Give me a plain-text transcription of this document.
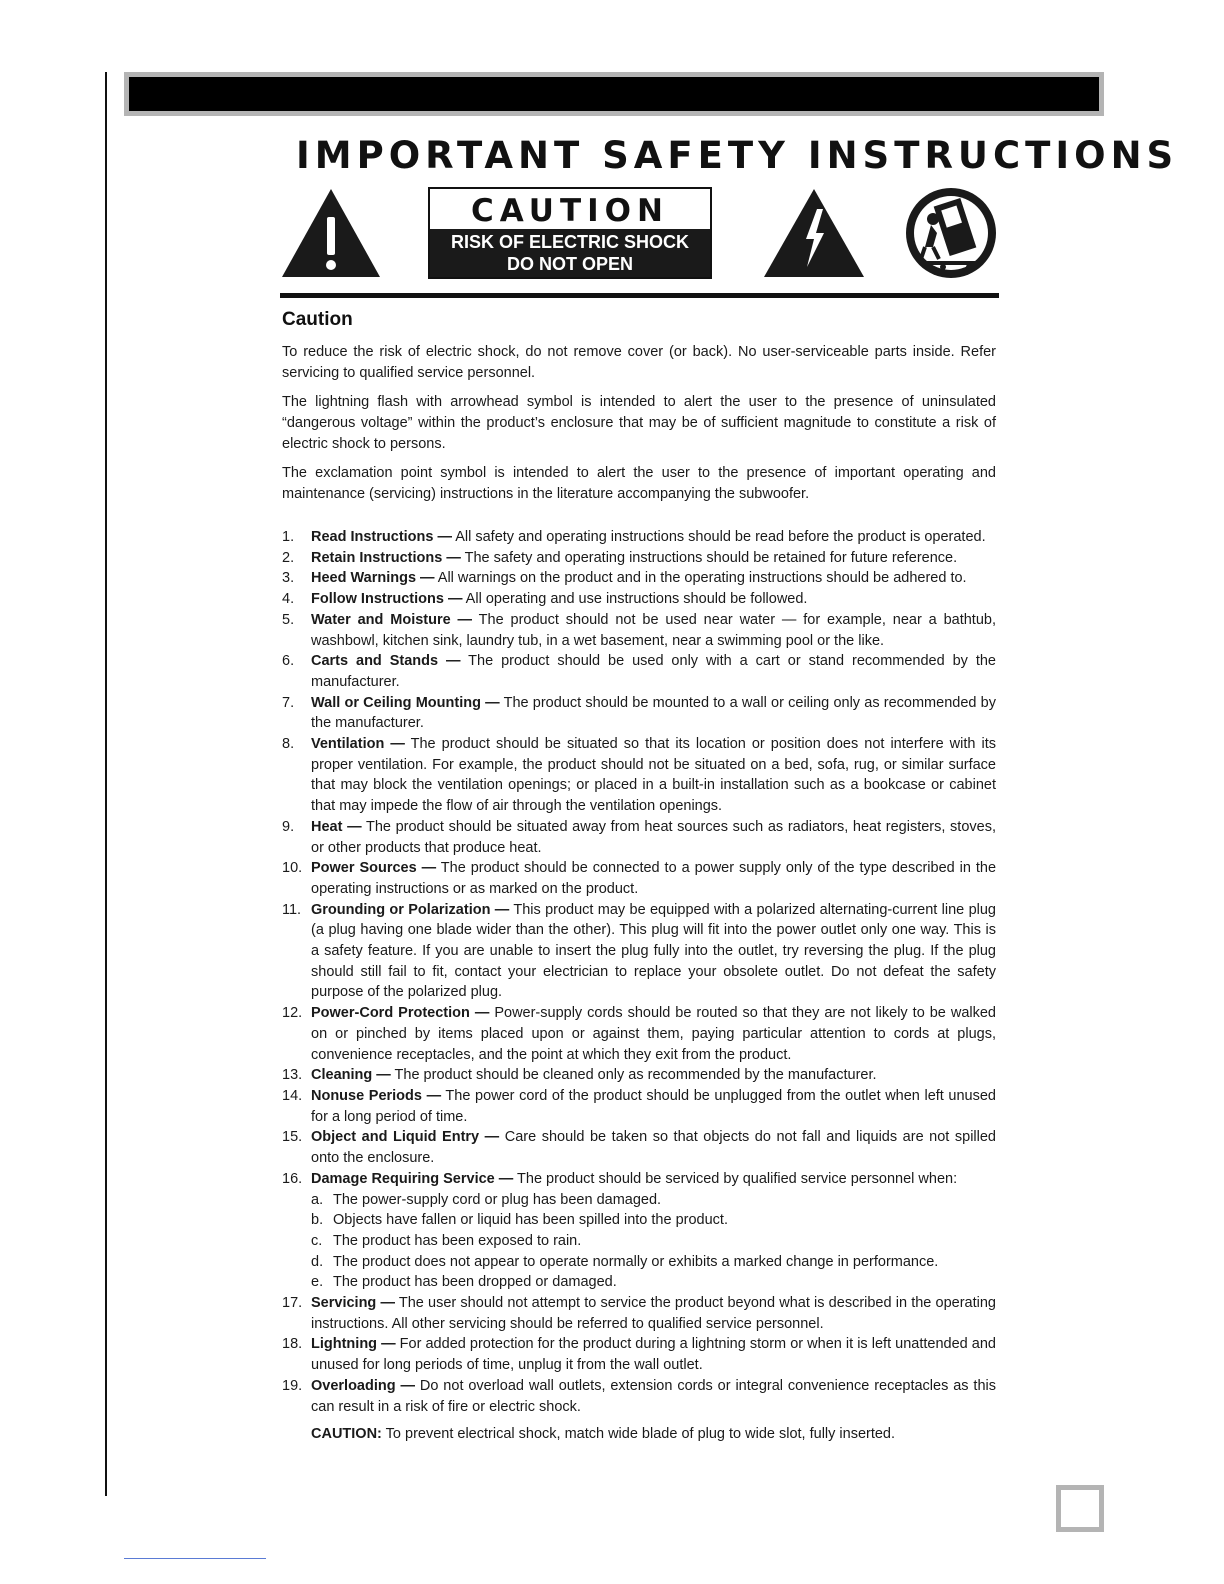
IMPORTANT SAFETY INSTRUCTIONS
CAUTION
RISK OF ELECTRIC SHOCK
DO NOT OPEN
Caution

To reduce the risk of electric shock, do not remove cover (or back). No user-serviceable parts inside. Refer servicing to qualified service personnel.

The lightning flash with arrowhead symbol is intended to alert the user to the presence of uninsulated “dangerous voltage” within the product’s enclosure that may be of sufficient magnitude to constitute a risk of electric shock to persons.

The exclamation point symbol is intended to alert the user to the presence of important operating and maintenance (servicing) instructions in the literature accompanying the subwoofer.

1. Read Instructions — All safety and operating instructions should be read before the product is operated.
2. Retain Instructions — The safety and operating instructions should be retained for future reference.
3. Heed Warnings — All warnings on the product and in the operating instructions should be adhered to.
4. Follow Instructions — All operating and use instructions should be followed.
5. Water and Moisture — The product should not be used near water — for example, near a bathtub, washbowl, kitchen sink, laundry tub, in a wet basement, near a swimming pool or the like.
6. Carts and Stands — The product should be used only with a cart or stand recommended by the manufacturer.
7. Wall or Ceiling Mounting — The product should be mounted to a wall or ceiling only as recommended by the manufacturer.
8. Ventilation — The product should be situated so that its location or position does not interfere with its proper ventilation. For example, the product should not be situated on a bed, sofa, rug, or similar surface that may block the ventilation openings; or placed in a built-in installation such as a bookcase or cabinet that may impede the flow of air through the ventilation openings.
9. Heat — The product should be situated away from heat sources such as radiators, heat registers, stoves, or other products that produce heat.
10. Power Sources — The product should be connected to a power supply only of the type described in the operating instructions or as marked on the product.
11. Grounding or Polarization — This product may be equipped with a polarized alternating-current line plug (a plug having one blade wider than the other). This plug will fit into the power outlet only one way. This is a safety feature. If you are unable to insert the plug fully into the outlet, try reversing the plug. If the plug should still fail to fit, contact your electrician to replace your obsolete outlet. Do not defeat the safety purpose of the polarized plug.
12. Power-Cord Protection — Power-supply cords should be routed so that they are not likely to be walked on or pinched by items placed upon or against them, paying particular attention to cords at plugs, convenience receptacles, and the point at which they exit from the product.
13. Cleaning — The product should be cleaned only as recommended by the manufacturer.
14. Nonuse Periods — The power cord of the product should be unplugged from the outlet when left unused for a long period of time.
15. Object and Liquid Entry — Care should be taken so that objects do not fall and liquids are not spilled onto the enclosure.
16. Damage Requiring Service — The product should be serviced by qualified service personnel when:
a. The power-supply cord or plug has been damaged.
b. Objects have fallen or liquid has been spilled into the product.
c. The product has been exposed to rain.
d. The product does not appear to operate normally or exhibits a marked change in performance.
e. The product has been dropped or damaged.
17. Servicing — The user should not attempt to service the product beyond what is described in the operating instructions. All other servicing should be referred to qualified service personnel.
18. Lightning — For added protection for the product during a lightning storm or when it is left unattended and unused for long periods of time, unplug it from the wall outlet.
19. Overloading — Do not overload wall outlets, extension cords or integral convenience receptacles as this can result in a risk of fire or electric shock.

CAUTION: To prevent electrical shock, match wide blade of plug to wide slot, fully inserted.
